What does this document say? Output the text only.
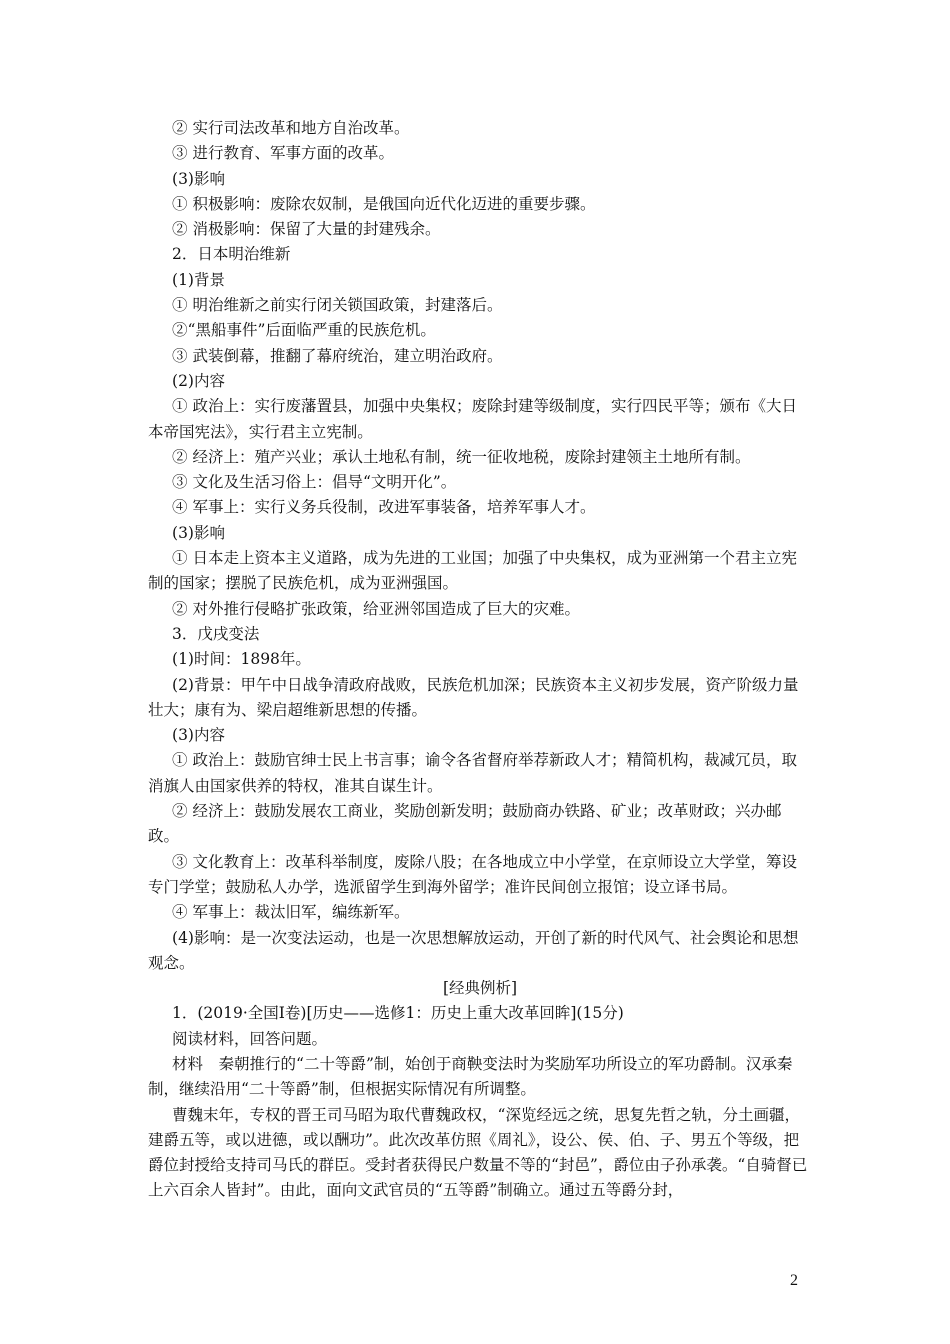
② 实行司法改革和地方自治改革。

③ 进行教育、军事方面的改革。

(3)影响

① 积极影响：废除农奴制，是俄国向近代化迈进的重要步骤。

② 消极影响：保留了大量的封建残余。

2．日本明治维新

(1)背景

① 明治维新之前实行闭关锁国政策，封建落后。

②“黑船事件”后面临严重的民族危机。

③ 武装倒幕，推翻了幕府统治，建立明治政府。

(2)内容

① 政治上：实行废藩置县，加强中央集权；废除封建等级制度，实行四民平等；颁布《大日本帝国宪法》，实行君主立宪制。

② 经济上：殖产兴业；承认土地私有制，统一征收地税，废除封建领主土地所有制。

③ 文化及生活习俗上：倡导“文明开化”。

④ 军事上：实行义务兵役制，改进军事装备，培养军事人才。

(3)影响

① 日本走上资本主义道路，成为先进的工业国；加强了中央集权，成为亚洲第一个君主立宪制的国家；摆脱了民族危机，成为亚洲强国。

② 对外推行侵略扩张政策，给亚洲邻国造成了巨大的灾难。

3．戊戌变法

(1)时间：1898年。

(2)背景：甲午中日战争清政府战败，民族危机加深；民族资本主义初步发展，资产阶级力量壮大；康有为、梁启超维新思想的传播。

(3)内容

① 政治上：鼓励官绅士民上书言事；谕令各省督府举荐新政人才；精简机构，裁减冗员，取消旗人由国家供养的特权，准其自谋生计。

② 经济上：鼓励发展农工商业，奖励创新发明；鼓励商办铁路、矿业；改革财政；兴办邮政。

③ 文化教育上：改革科举制度，废除八股；在各地成立中小学堂，在京师设立大学堂，筹设专门学堂；鼓励私人办学，选派留学生到海外留学；准许民间创立报馆；设立译书局。

④ 军事上：裁汰旧军，编练新军。

(4)影响：是一次变法运动，也是一次思想解放运动，开创了新的时代风气、社会舆论和思想观念。

[经典例析]

1．(2019·全国Ⅰ卷)[历史——选修1：历史上重大改革回眸](15分)

阅读材料，回答问题。

材料　秦朝推行的“二十等爵”制，始创于商鞅变法时为奖励军功所设立的军功爵制。汉承秦制，继续沿用“二十等爵”制，但根据实际情况有所调整。

曹魏末年，专权的晋王司马昭为取代曹魏政权，“深览经远之统，思复先哲之轨，分土画疆，建爵五等，或以进德，或以酬功”。此次改革仿照《周礼》，设公、侯、伯、子、男五个等级，把爵位封授给支持司马氏的群臣。受封者获得民户数量不等的“封邑”，爵位由子孙承袭。“自骑督已上六百余人皆封”。由此，面向文武官员的“五等爵”制确立。通过五等爵分封，

2
